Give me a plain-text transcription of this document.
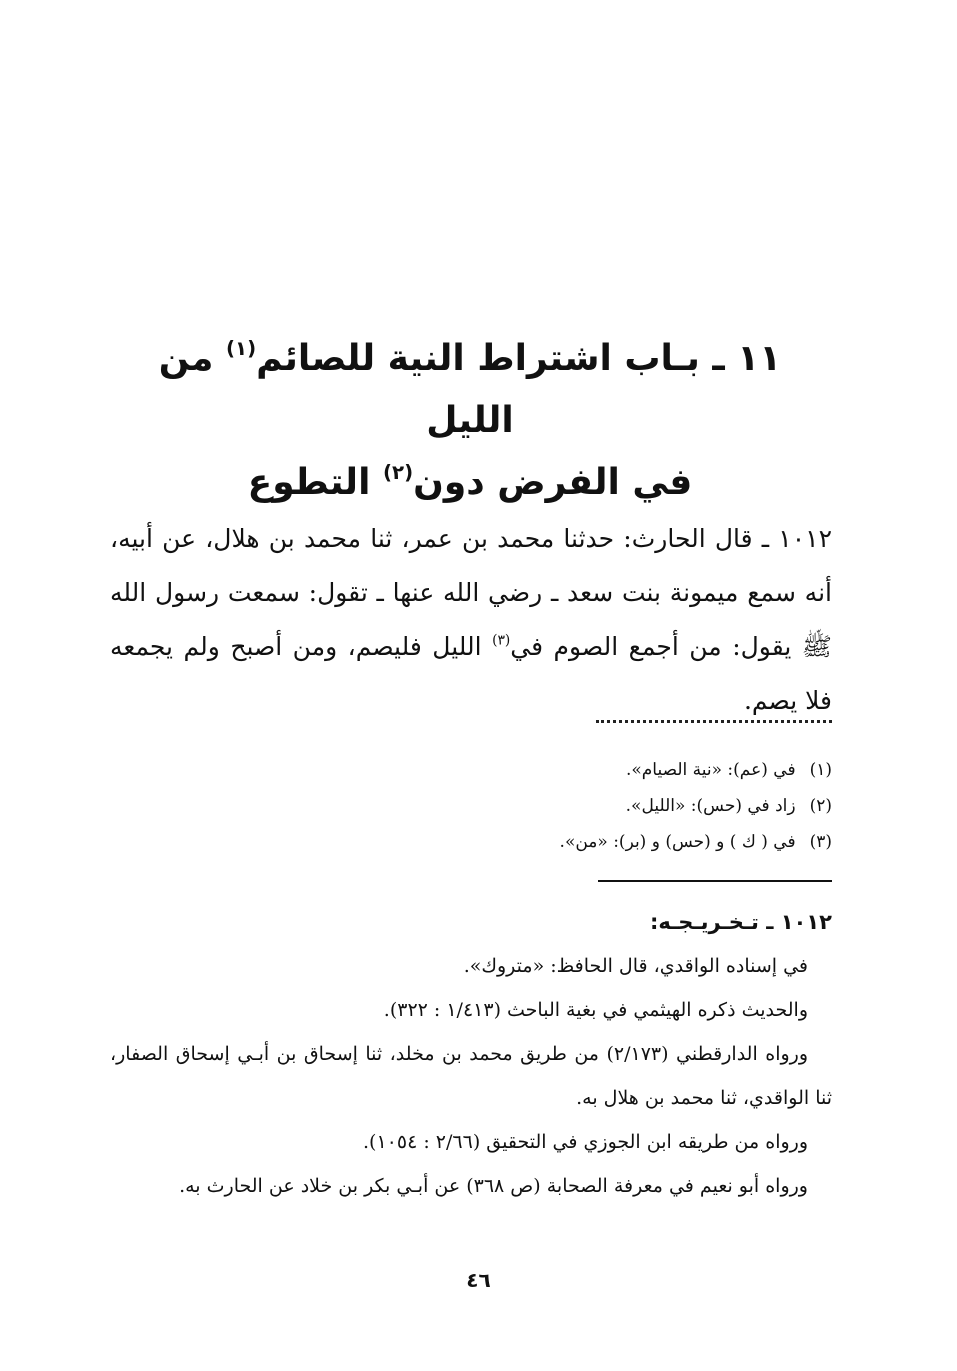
١١ ـ بـاب اشتراط النية للصائم$^{(١)}$ من الليل
في الفرض دون$^{(٢)}$ التطوع
١٠١٢ ـ قال الحارث: حدثنا محمد بن عمر، ثنا محمد بن هلال، عن أبيه، أنه سمع ميمونة بنت سعد ـ رضي الله عنها ـ تقول: سمعت رسول الله ﷺ يقول: من أجمع الصوم في$^{(٣)}$ الليل فليصم، ومن أصبح ولم يجمعه فلا يصم.
(١)في (عم): «نية الصيام».
(٢)زاد في (حس): «الليل».
(٣)في ( ك ) و (حس) و (بر): «من».
١٠١٢ ـ تـخـريـجـه:

في إسناده الواقدي، قال الحافظ: «متروك».

والحديث ذكره الهيثمي في بغية الباحث (١/٤١٣ : ٣٢٢).

ورواه الدارقطني (٢/١٧٣) من طريق محمد بن مخلد، ثنا إسحاق بن أبـي إسحاق الصفار، ثنا الواقدي، ثنا محمد بن هلال به.

ورواه من طريقه ابن الجوزي في التحقيق (٢/٦٦ : ١٠٥٤).

ورواه أبو نعيم في معرفة الصحابة (ص ٣٦٨) عن أبـي بكر بن خلاد عن الحارث به.

٤٦
